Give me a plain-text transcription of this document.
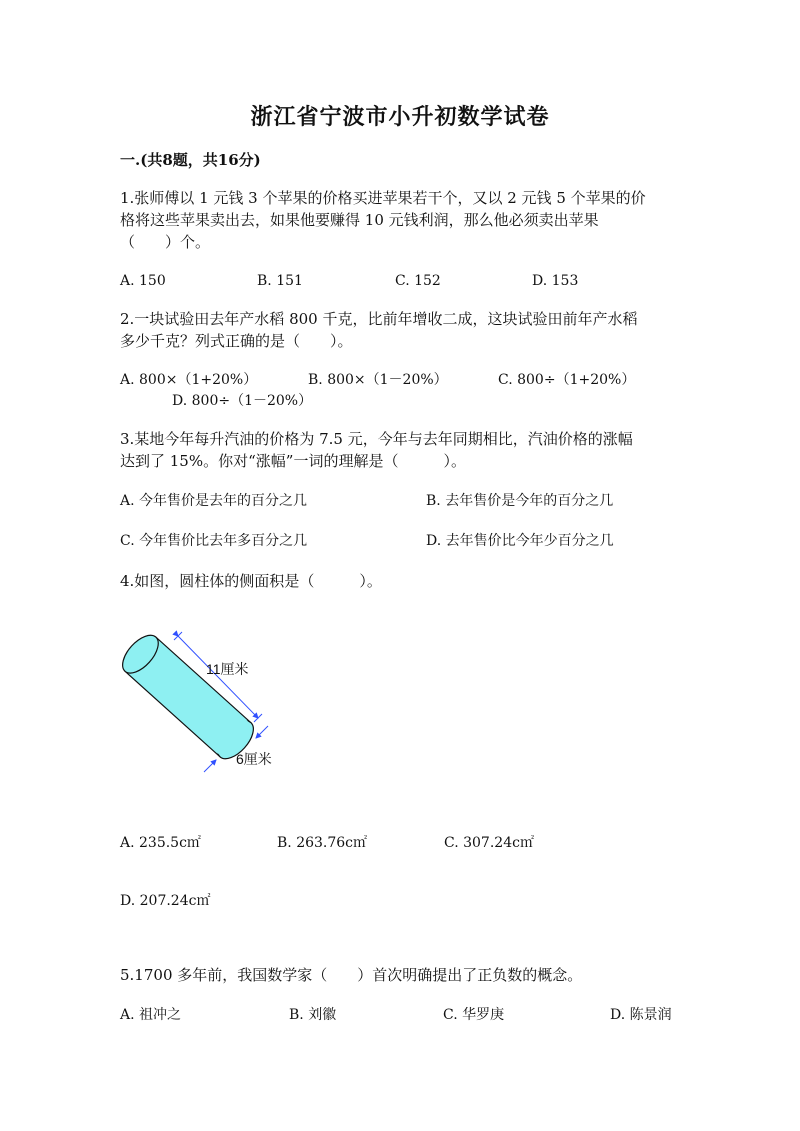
浙江省宁波市小升初数学试卷
一.(共8题，共16分)
1.张师傅以 1 元钱 3 个苹果的价格买进苹果若干个，又以 2 元钱 5 个苹果的价
格将这些苹果卖出去，如果他要赚得 10 元钱利润，那么他必须卖出苹果
（　　）个。
A. 150	B. 151	C. 152	D. 153
2.一块试验田去年产水稻 800 千克，比前年增收二成，这块试验田前年产水稻
多少千克？列式正确的是（　　）。
A. 800×（1+20%）	B. 800×（1－20%）	C. 800÷（1+20%）
D. 800÷（1－20%）
3.某地今年每升汽油的价格为 7.5 元，今年与去年同期相比，汽油价格的涨幅
达到了 15%。你对“涨幅”一词的理解是（　　　）。
A. 今年售价是去年的百分之几	B. 去年售价是今年的百分之几
C. 今年售价比去年多百分之几	D. 去年售价比今年少百分之几
4.如图，圆柱体的侧面积是（　　　）。
11厘米
6厘米
A. 235.5c㎡	B. 263.76c㎡	C. 307.24c㎡
D. 207.24c㎡
5.1700 多年前，我国数学家（　　）首次明确提出了正负数的概念。
A. 祖冲之	B. 刘徽	C. 华罗庚	D. 陈景润
